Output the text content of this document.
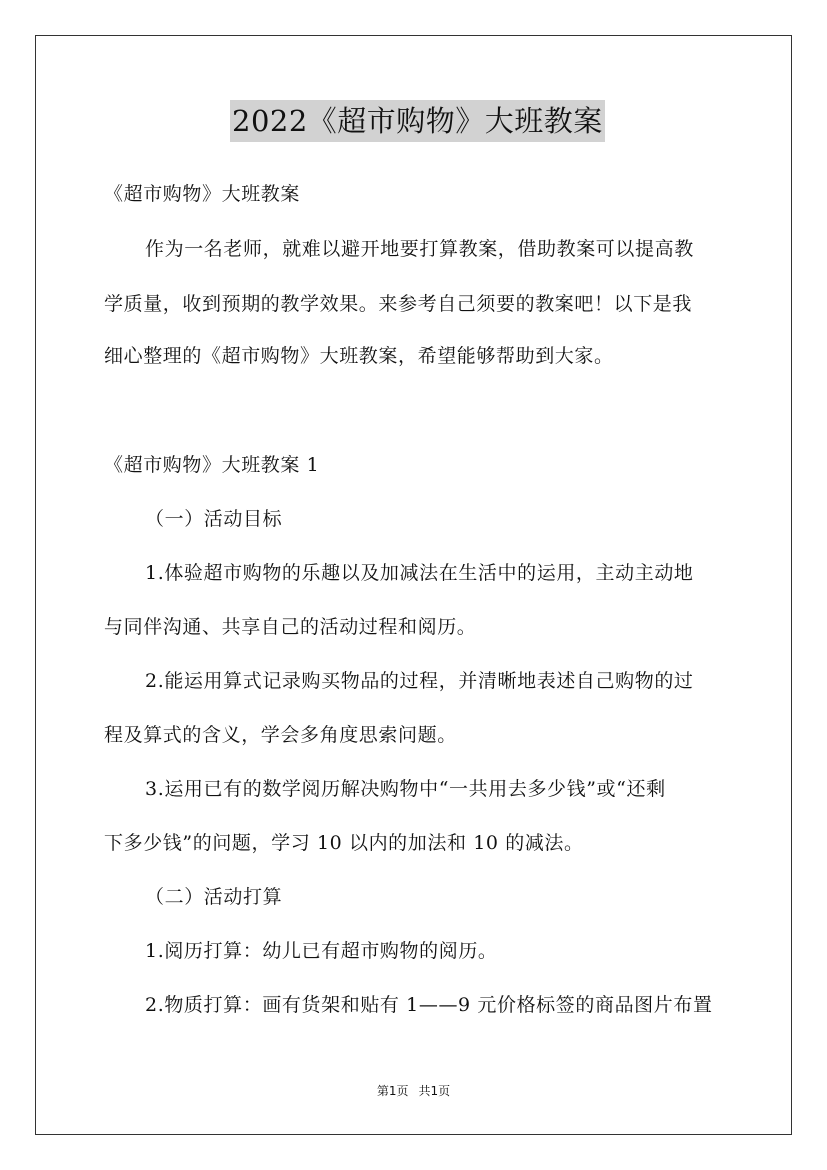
2022《超市购物》大班教案
《超市购物》大班教案
作为一名老师，就难以避开地要打算教案，借助教案可以提高教
学质量，收到预期的教学效果。来参考自己须要的教案吧！以下是我
细心整理的《超市购物》大班教案，希望能够帮助到大家。
《超市购物》大班教案 1
（一）活动目标
1.体验超市购物的乐趣以及加减法在生活中的运用，主动主动地
与同伴沟通、共享自己的活动过程和阅历。
2.能运用算式记录购买物品的过程，并清晰地表述自己购物的过
程及算式的含义，学会多角度思索问题。
3.运用已有的数学阅历解决购物中“一共用去多少钱”或“还剩
下多少钱”的问题，学习 10 以内的加法和 10 的减法。
（二）活动打算
1.阅历打算：幼儿已有超市购物的阅历。
2.物质打算：画有货架和贴有 1——9 元价格标签的商品图片布置
第1页 共1页
